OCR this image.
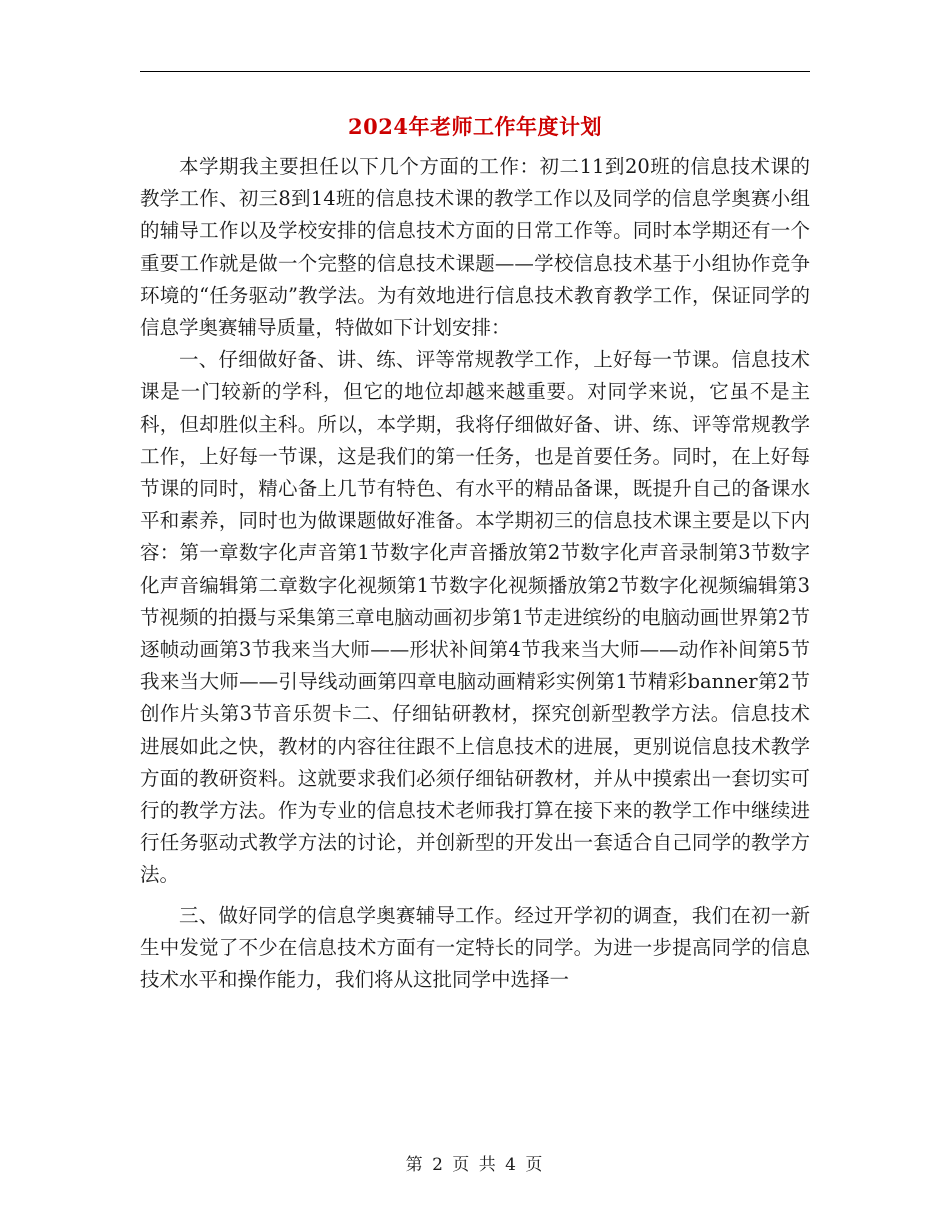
2024年老师工作年度计划

本学期我主要担任以下几个方面的工作：初二11到20班的信息技术课的教学工作、初三8到14班的信息技术课的教学工作以及同学的信息学奥赛小组的辅导工作以及学校安排的信息技术方面的日常工作等。同时本学期还有一个重要工作就是做一个完整的信息技术课题——学校信息技术基于小组协作竞争环境的“任务驱动”教学法。为有效地进行信息技术教育教学工作，保证同学的信息学奥赛辅导质量，特做如下计划安排：

一、仔细做好备、讲、练、评等常规教学工作，上好每一节课。信息技术课是一门较新的学科，但它的地位却越来越重要。对同学来说，它虽不是主科，但却胜似主科。所以，本学期，我将仔细做好备、讲、练、评等常规教学工作，上好每一节课，这是我们的第一任务，也是首要任务。同时，在上好每节课的同时，精心备上几节有特色、有水平的精品备课，既提升自己的备课水平和素养，同时也为做课题做好准备。本学期初三的信息技术课主要是以下内容：第一章数字化声音第1节数字化声音播放第2节数字化声音录制第3节数字化声音编辑第二章数字化视频第1节数字化视频播放第2节数字化视频编辑第3节视频的拍摄与采集第三章电脑动画初步第1节走进缤纷的电脑动画世界第2节逐帧动画第3节我来当大师——形状补间第4节我来当大师——动作补间第5节我来当大师——引导线动画第四章电脑动画精彩实例第1节精彩banner第2节创作片头第3节音乐贺卡二、仔细钻研教材，探究创新型教学方法。信息技术进展如此之快，教材的内容往往跟不上信息技术的进展，更别说信息技术教学方面的教研资料。这就要求我们必须仔细钻研教材，并从中摸索出一套切实可行的教学方法。作为专业的信息技术老师我打算在接下来的教学工作中继续进行任务驱动式教学方法的讨论，并创新型的开发出一套适合自己同学的教学方法。

三、做好同学的信息学奥赛辅导工作。经过开学初的调查，我们在初一新生中发觉了不少在信息技术方面有一定特长的同学。为进一步提高同学的信息技术水平和操作能力，我们将从这批同学中选择一

第 2 页 共 4 页
